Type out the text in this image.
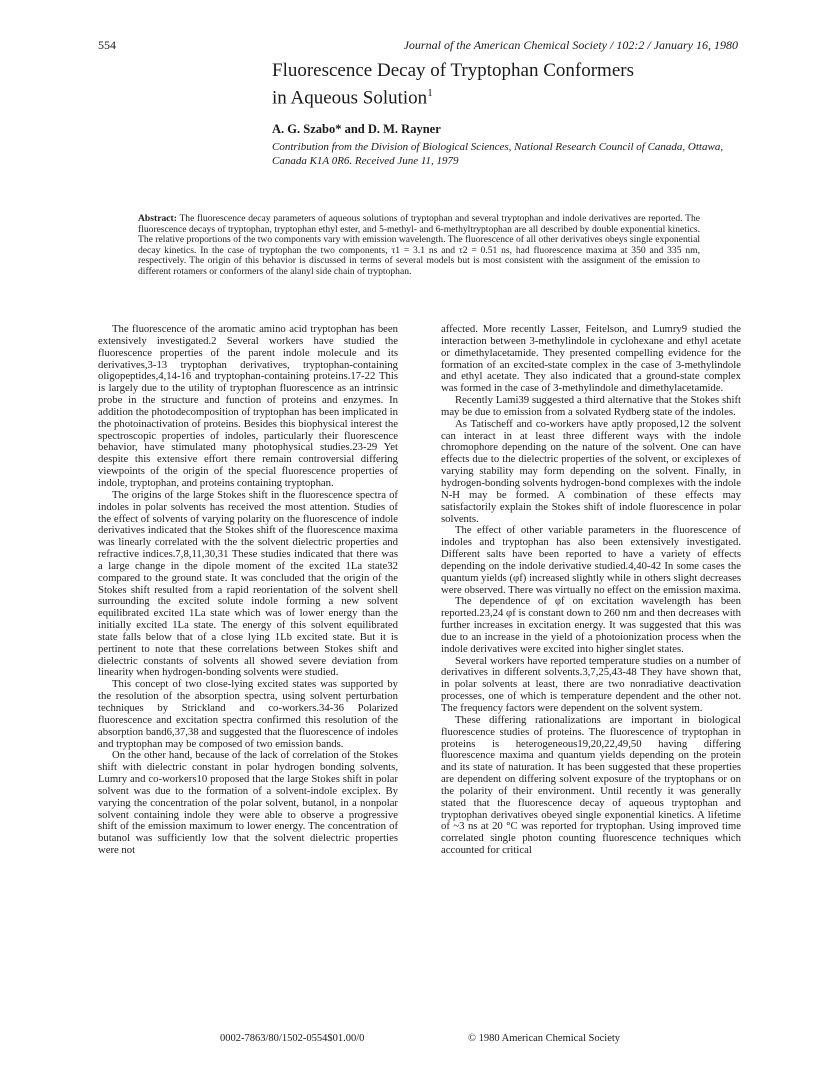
554	Journal of the American Chemical Society / 102:2 / January 16, 1980
Fluorescence Decay of Tryptophan Conformers
in Aqueous Solution$^1$
A. G. Szabo* and D. M. Rayner
Contribution from the Division of Biological Sciences, National Research Council of Canada, Ottawa, Canada K1A 0R6. Received June 11, 1979
Abstract: The fluorescence decay parameters of aqueous solutions of tryptophan and several tryptophan and indole derivatives are reported. The fluorescence decays of tryptophan, tryptophan ethyl ester, and 5-methyl- and 6-methyltryptophan are all described by double exponential kinetics. The relative proportions of the two components vary with emission wavelength. The fluorescence of all other derivatives obeys single exponential decay kinetics. In the case of tryptophan the two components, τ1 = 3.1 ns and τ2 = 0.51 ns, had fluorescence maxima at 350 and 335 nm, respectively. The origin of this behavior is discussed in terms of several models but is most consistent with the assignment of the emission to different rotamers or conformers of the alanyl side chain of tryptophan.

The fluorescence of the aromatic amino acid tryptophan has been extensively investigated.2 Several workers have studied the fluorescence properties of the parent indole molecule and its derivatives,3-13 tryptophan derivatives, tryptophan-containing oligopeptides,4,14-16 and tryptophan-containing proteins.17-22 This is largely due to the utility of tryptophan fluorescence as an intrinsic probe in the structure and function of proteins and enzymes. In addition the photodecomposition of tryptophan has been implicated in the photoinactivation of proteins. Besides this biophysical interest the spectroscopic properties of indoles, particularly their fluorescence behavior, have stimulated many photophysical studies.23-29 Yet despite this extensive effort there remain controversial differing viewpoints of the origin of the special fluorescence properties of indole, tryptophan, and proteins containing tryptophan.

The origins of the large Stokes shift in the fluorescence spectra of indoles in polar solvents has received the most attention. Studies of the effect of solvents of varying polarity on the fluorescence of indole derivatives indicated that the Stokes shift of the fluorescence maxima was linearly correlated with the the solvent dielectric properties and refractive indices.7,8,11,30,31 These studies indicated that there was a large change in the dipole moment of the excited 1La state32 compared to the ground state. It was concluded that the origin of the Stokes shift resulted from a rapid reorientation of the solvent shell surrounding the excited solute indole forming a new solvent equilibrated excited 1La state which was of lower energy than the initially excited 1La state. The energy of this solvent equilibrated state falls below that of a close lying 1Lb excited state. But it is pertinent to note that these correlations between Stokes shift and dielectric constants of solvents all showed severe deviation from linearity when hydrogen-bonding solvents were studied.

This concept of two close-lying excited states was supported by the resolution of the absorption spectra, using solvent perturbation techniques by Strickland and co-workers.34-36 Polarized fluorescence and excitation spectra confirmed this resolution of the absorption band6,37,38 and suggested that the fluorescence of indoles and tryptophan may be composed of two emission bands.

On the other hand, because of the lack of correlation of the Stokes shift with dielectric constant in polar hydrogen bonding solvents, Lumry and co-workers10 proposed that the large Stokes shift in polar solvent was due to the formation of a solvent-indole exciplex. By varying the concentration of the polar solvent, butanol, in a nonpolar solvent containing indole they were able to observe a progressive shift of the emission maximum to lower energy. The concentration of butanol was sufficiently low that the solvent dielectric properties were not

affected. More recently Lasser, Feitelson, and Lumry9 studied the interaction between 3-methylindole in cyclohexane and ethyl acetate or dimethylacetamide. They presented compelling evidence for the formation of an excited-state complex in the case of 3-methylindole and ethyl acetate. They also indicated that a ground-state complex was formed in the case of 3-methylindole and dimethylacetamide.

Recently Lami39 suggested a third alternative that the Stokes shift may be due to emission from a solvated Rydberg state of the indoles.

As Tatischeff and co-workers have aptly proposed,12 the solvent can interact in at least three different ways with the indole chromophore depending on the nature of the solvent. One can have effects due to the dielectric properties of the solvent, or exciplexes of varying stability may form depending on the solvent. Finally, in hydrogen-bonding solvents hydrogen-bond complexes with the indole N-H may be formed. A combination of these effects may satisfactorily explain the Stokes shift of indole fluorescence in polar solvents.

The effect of other variable parameters in the fluorescence of indoles and tryptophan has also been extensively investigated. Different salts have been reported to have a variety of effects depending on the indole derivative studied.4,40-42 In some cases the quantum yields (φf) increased slightly while in others slight decreases were observed. There was virtually no effect on the emission maxima.

The dependence of φf on excitation wavelength has been reported.23,24 φf is constant down to 260 nm and then decreases with further increases in excitation energy. It was suggested that this was due to an increase in the yield of a photoionization process when the indole derivatives were excited into higher singlet states.

Several workers have reported temperature studies on a number of derivatives in different solvents.3,7,25,43-48 They have shown that, in polar solvents at least, there are two nonradiative deactivation processes, one of which is temperature dependent and the other not. The frequency factors were dependent on the solvent system.

These differing rationalizations are important in biological fluorescence studies of proteins. The fluorescence of tryptophan in proteins is heterogeneous19,20,22,49,50 having differing fluorescence maxima and quantum yields depending on the protein and its state of naturation. It has been suggested that these properties are dependent on differing solvent exposure of the tryptophans or on the polarity of their environment. Until recently it was generally stated that the fluorescence decay of aqueous tryptophan and tryptophan derivatives obeyed single exponential kinetics. A lifetime of ~3 ns at 20 °C was reported for tryptophan. Using improved time correlated single photon counting fluorescence techniques which accounted for critical

0002-7863/80/1502-0554$01.00/0	© 1980 American Chemical Society
